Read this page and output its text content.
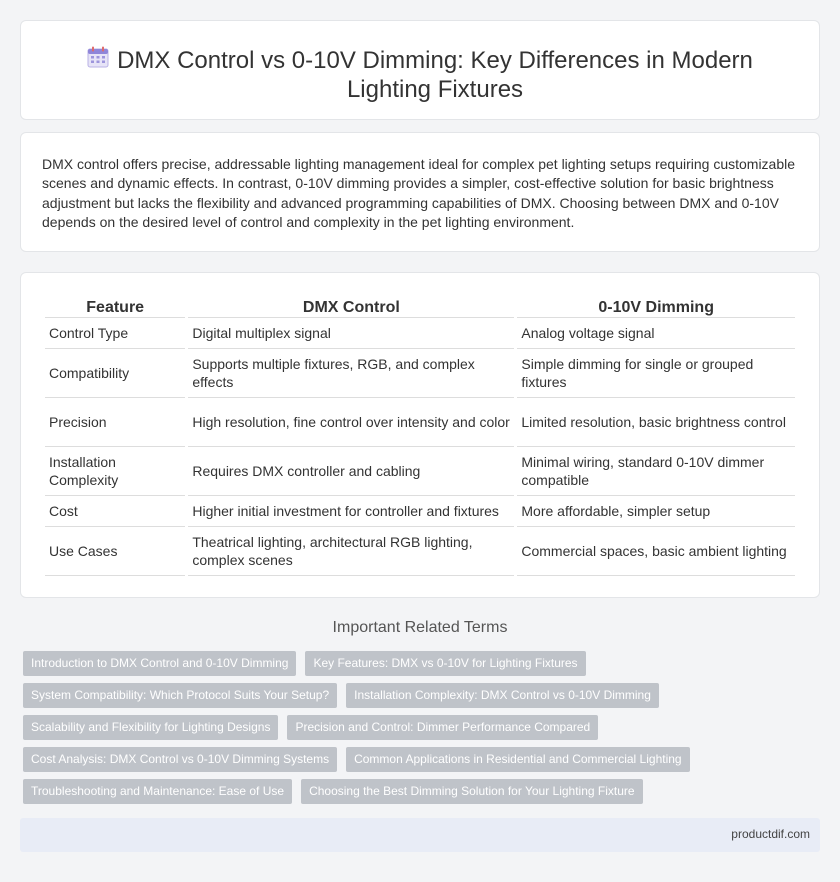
DMX Control vs 0-10V Dimming: Key Differences in Modern Lighting Fixtures

DMX control offers precise, addressable lighting management ideal for complex pet lighting setups requiring customizable scenes and dynamic effects. In contrast, 0-10V dimming provides a simpler, cost-effective solution for basic brightness adjustment but lacks the flexibility and advanced programming capabilities of DMX. Choosing between DMX and 0-10V depends on the desired level of control and complexity in the pet lighting environment.

Feature	DMX Control	0-10V Dimming
Control Type	Digital multiplex signal	Analog voltage signal
Compatibility	Supports multiple fixtures, RGB, and complex effects	Simple dimming for single or grouped fixtures
Precision	High resolution, fine control over intensity and color	Limited resolution, basic brightness control
Installation Complexity	Requires DMX controller and cabling	Minimal wiring, standard 0-10V dimmer compatible
Cost	Higher initial investment for controller and fixtures	More affordable, simpler setup
Use Cases	Theatrical lighting, architectural RGB lighting, complex scenes	Commercial spaces, basic ambient lighting
Important Related Terms
Introduction to DMX Control and 0-10V Dimming	Key Features: DMX vs 0-10V for Lighting Fixtures
System Compatibility: Which Protocol Suits Your Setup?	Installation Complexity: DMX Control vs 0-10V Dimming
Scalability and Flexibility for Lighting Designs	Precision and Control: Dimmer Performance Compared
Cost Analysis: DMX Control vs 0-10V Dimming Systems	Common Applications in Residential and Commercial Lighting
Troubleshooting and Maintenance: Ease of Use	Choosing the Best Dimming Solution for Your Lighting Fixture
productdif.com
